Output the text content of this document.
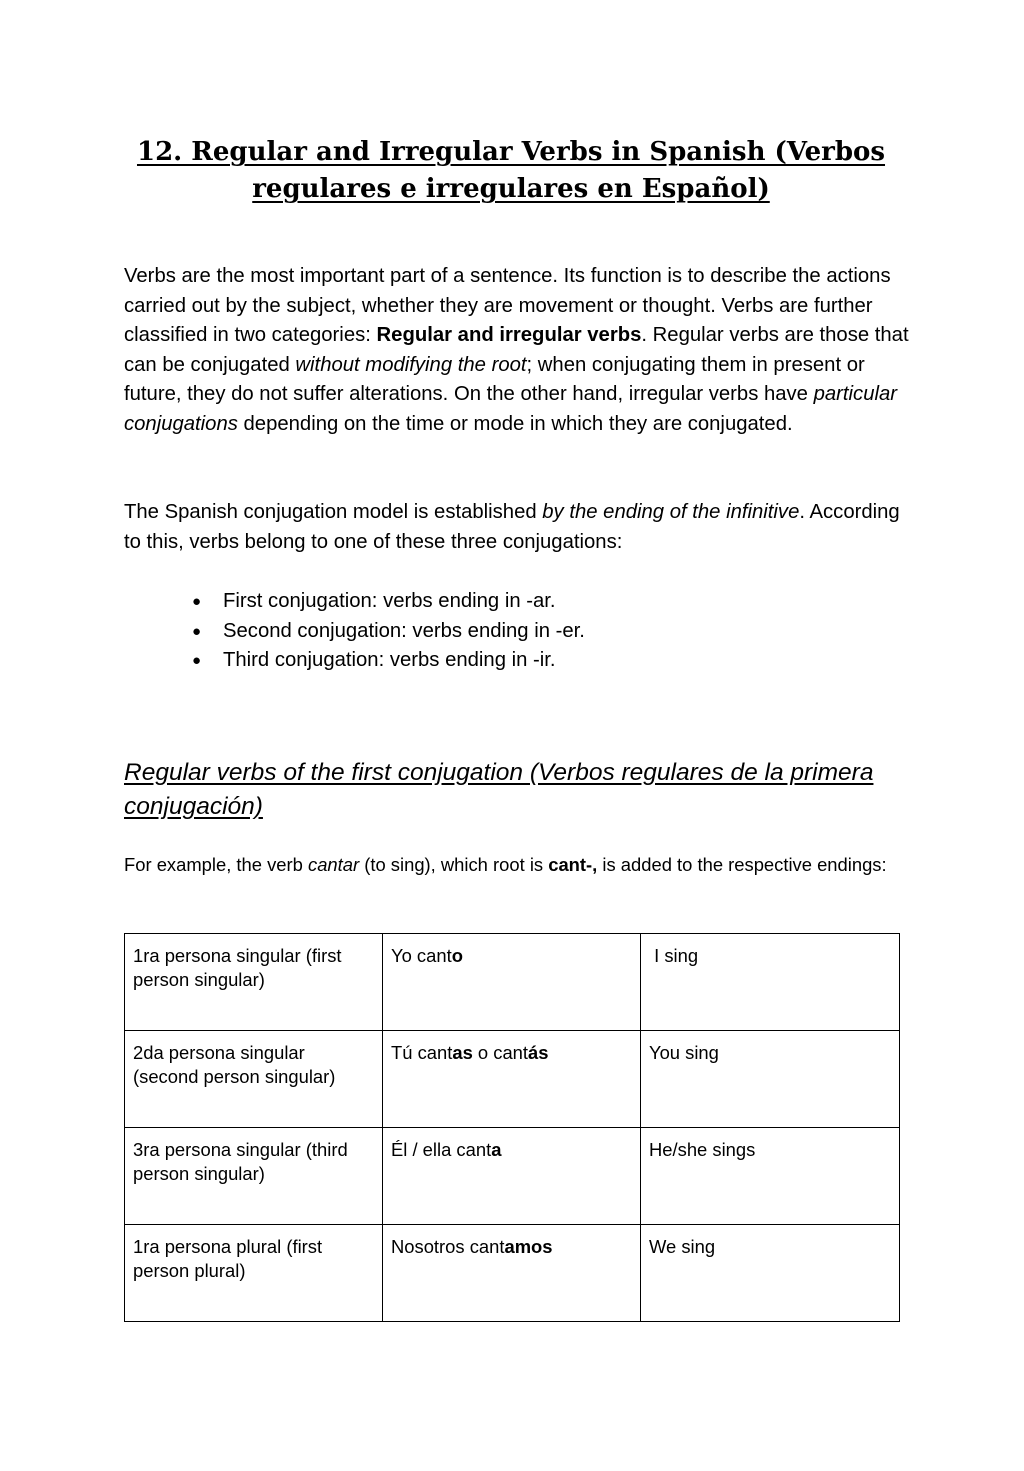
12. Regular and Irregular Verbs in Spanish (Verbos regulares e irregulares en Español)

Verbs are the most important part of a sentence. Its function is to describe the actions carried out by the subject, whether they are movement or thought. Verbs are further classified in two categories: Regular and irregular verbs. Regular verbs are those that can be conjugated without modifying the root; when conjugating them in present or future, they do not suffer alterations. On the other hand, irregular verbs have particular conjugations depending on the time or mode in which they are conjugated.

The Spanish conjugation model is established by the ending of the infinitive. According to this, verbs belong to one of these three conjugations:

● First conjugation: verbs ending in -ar.
● Second conjugation: verbs ending in -er.
● Third conjugation: verbs ending in -ir.
Regular verbs of the first conjugation (Verbos regulares de la primera conjugación)

For example, the verb cantar (to sing), which root is cant-, is added to the respective endings:

1ra persona singular (first person singular)	Yo canto	I sing
2da persona singular (second person singular)	Tú cantas o cantás	You sing
3ra persona singular (third person singular)	Él / ella canta	He/she sings
1ra persona plural (first person plural)	Nosotros cantamos	We sing
